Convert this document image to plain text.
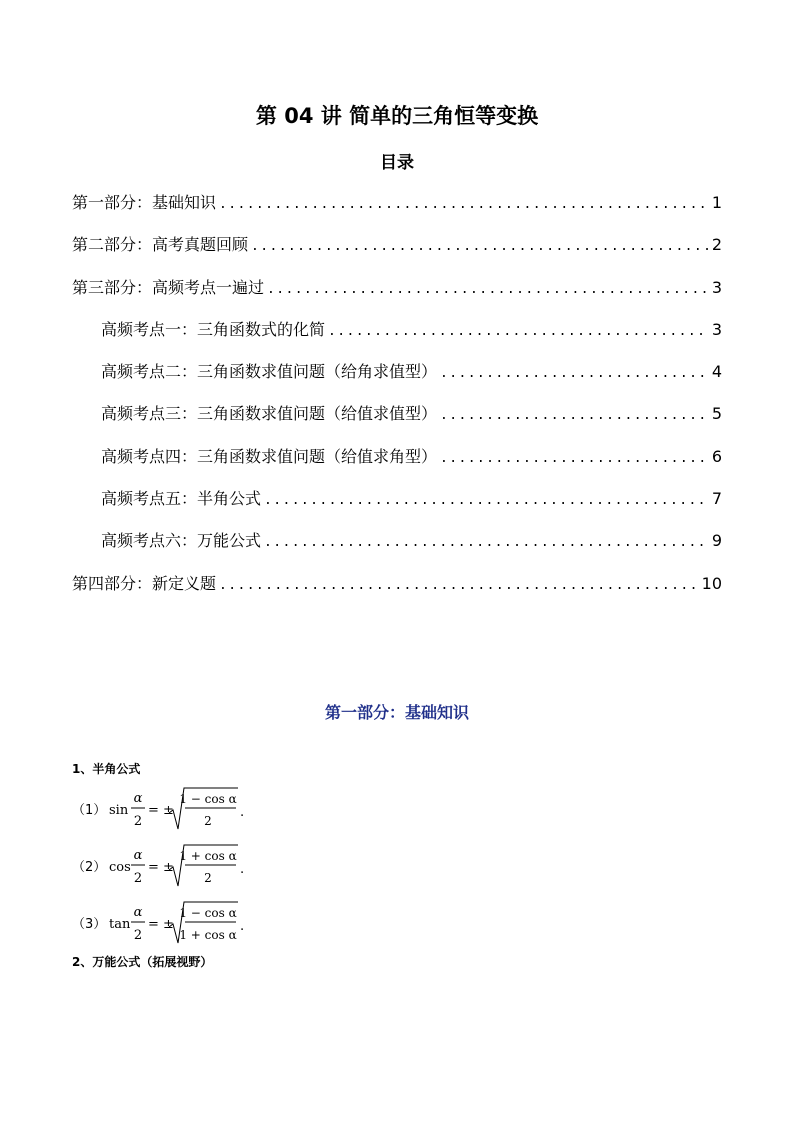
第 04 讲 简单的三角恒等变换
目录
第一部分：基础知识 .....	1
第二部分：高考真题回顾 .....	2
第三部分：高频考点一遍过 .....	3
高频考点一：三角函数式的化简 .....	3
高频考点二：三角函数求值问题（给角求值型） .....	4
高频考点三：三角函数求值问题（给值求值型） .....	5
高频考点四：三角函数求值问题（给值求角型） .....	6
高频考点五：半角公式 .....	7
高频考点六：万能公式 .....	9
第四部分：新定义题 .....	10
第一部分：基础知识
1、半角公式
（1） sin
α
2
= ±
1 − cos α
2
.
（2） cos
α
2
= ±
1 + cos α
2
.
（3） tan
α
2
= ±
1 − cos α
1 + cos α
.
2、万能公式（拓展视野）
